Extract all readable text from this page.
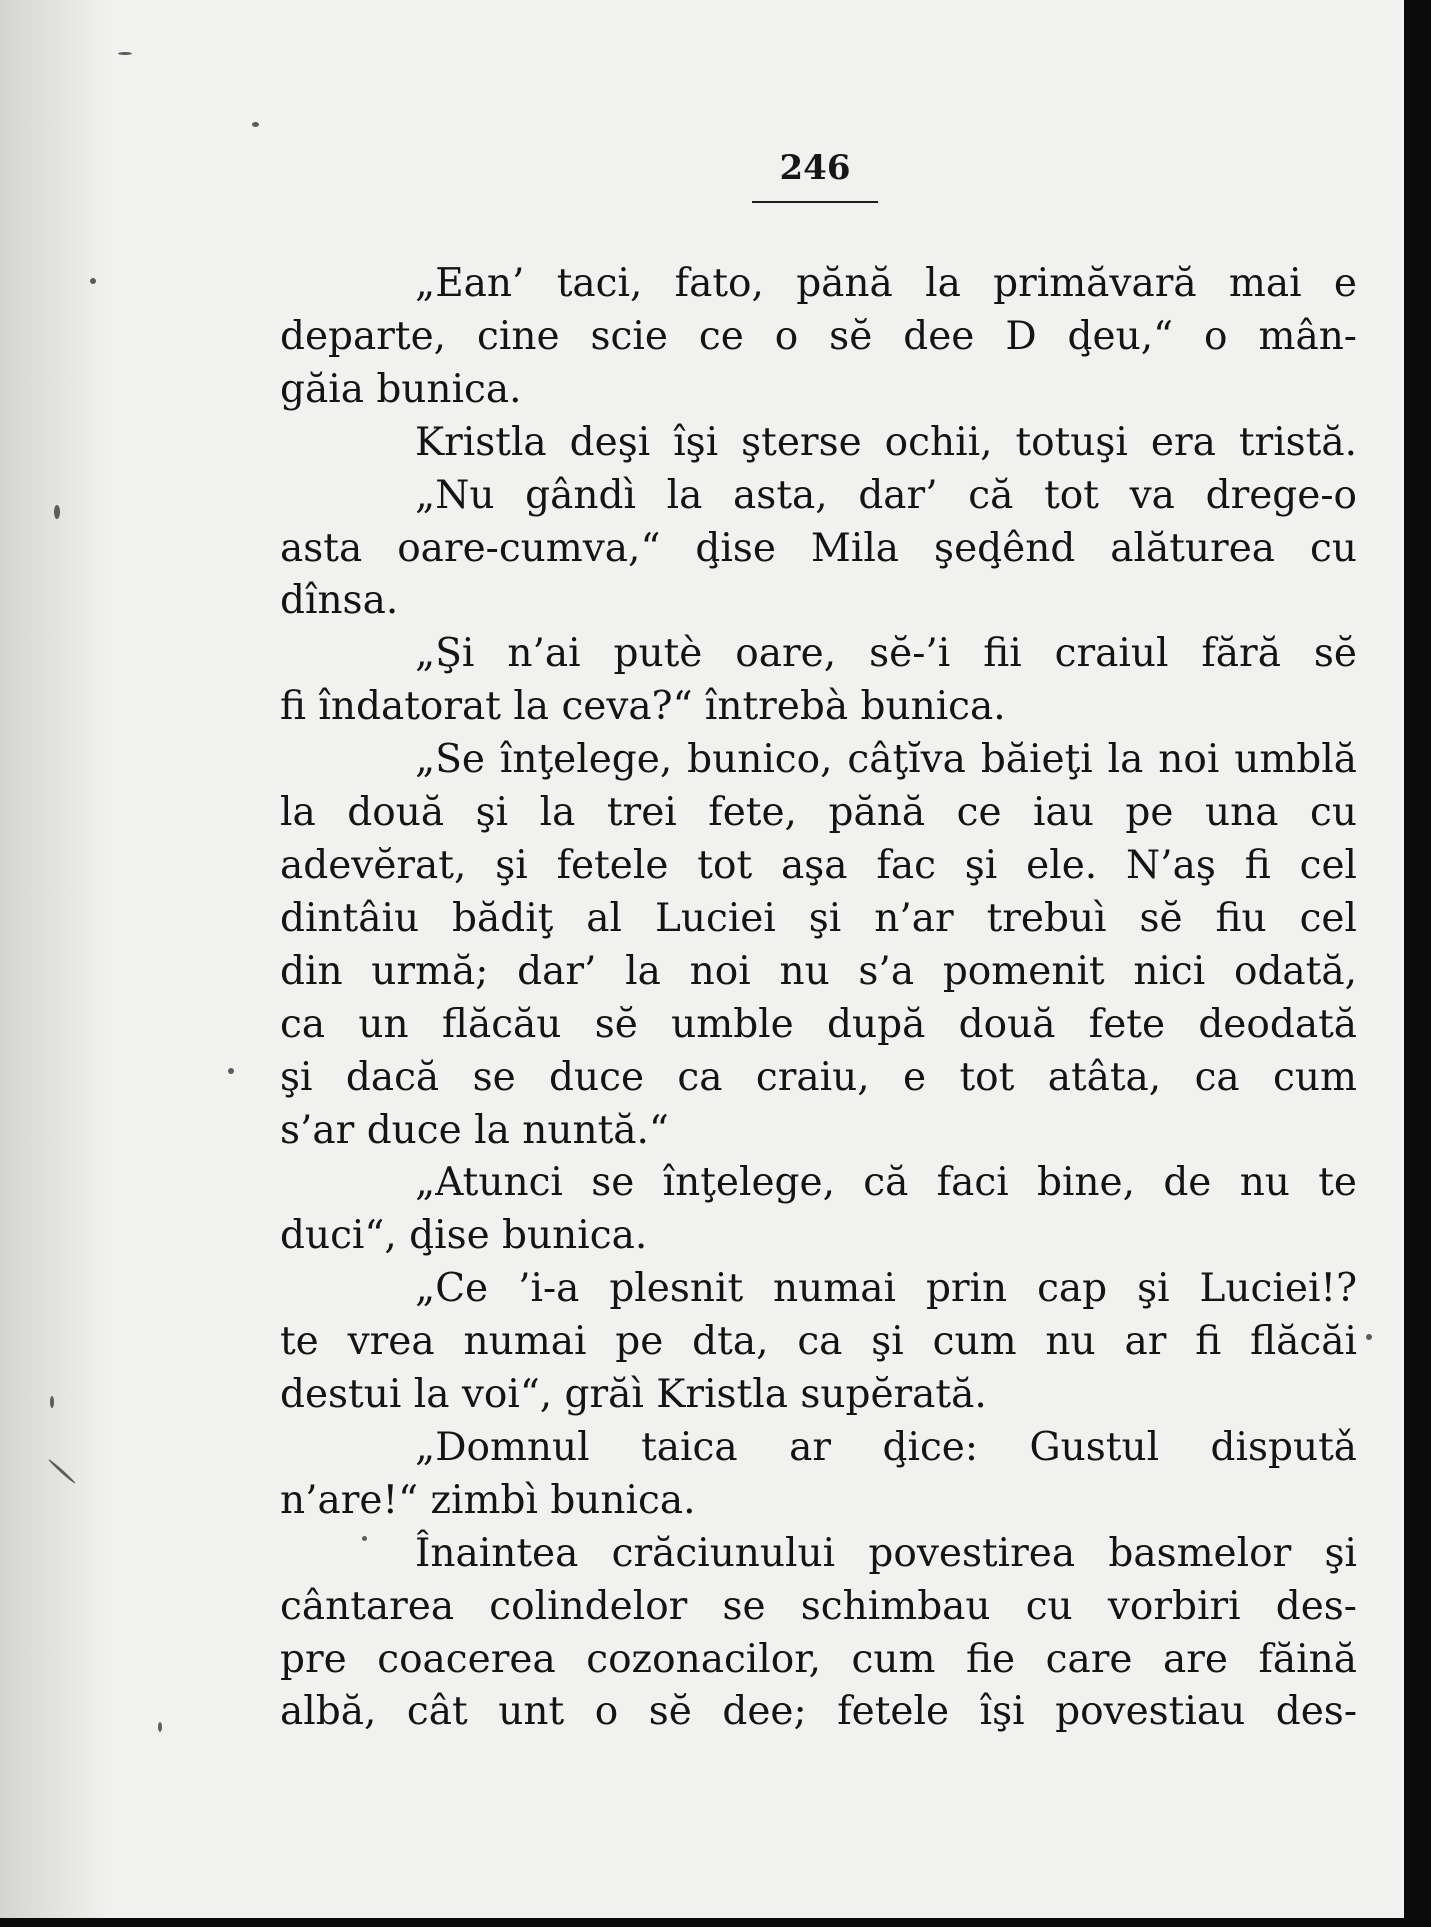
246
„Ean’ taci, fato, pănă la primăvară mai e
departe, cine scie ce o sĕ dee D ḑeu,“ o mân-
găia bunica.
Kristla deşi îşi şterse ochii, totuşi era tristă.
„Nu gândì la asta, dar’ că tot va drege-o
asta oare-cumva,“ ḑise Mila şeḑênd alăturea cu
dînsa.
„Şi n’ai putè oare, sĕ-’i fii craiul fără sĕ
fi îndatorat la ceva?“ întrebà bunica.
„Se înţelege, bunico, câţĭva băieţi la noi umblă
la două şi la trei fete, pănă ce iau pe una cu
adevĕrat, şi fetele tot aşa fac şi ele. N’aş fi cel
dintâiu bădiţ al Luciei şi n’ar trebuì sĕ fiu cel
din urmă; dar’ la noi nu s’a pomenit nici odată,
ca un flăcău sĕ umble după două fete deodată
şi dacă se duce ca craiu, e tot atâta, ca cum
s’ar duce la nuntă.“
„Atunci se înţelege, că faci bine, de nu te
duci“, ḑise bunica.
„Ce ’i-a plesnit numai prin cap şi Luciei!?
te vrea numai pe dta, ca şi cum nu ar fi flăcăi
destui la voi“, grăì Kristla supĕrată.
„Domnul taica ar ḑice: Gustul disputǎ
n’are!“ zimbì bunica.
Înaintea crăciunului povestirea basmelor şi
cântarea colindelor se schimbau cu vorbiri des-
pre coacerea cozonacilor, cum fie care are făină
albă, cât unt o sĕ dee; fetele îşi povestiau des-
